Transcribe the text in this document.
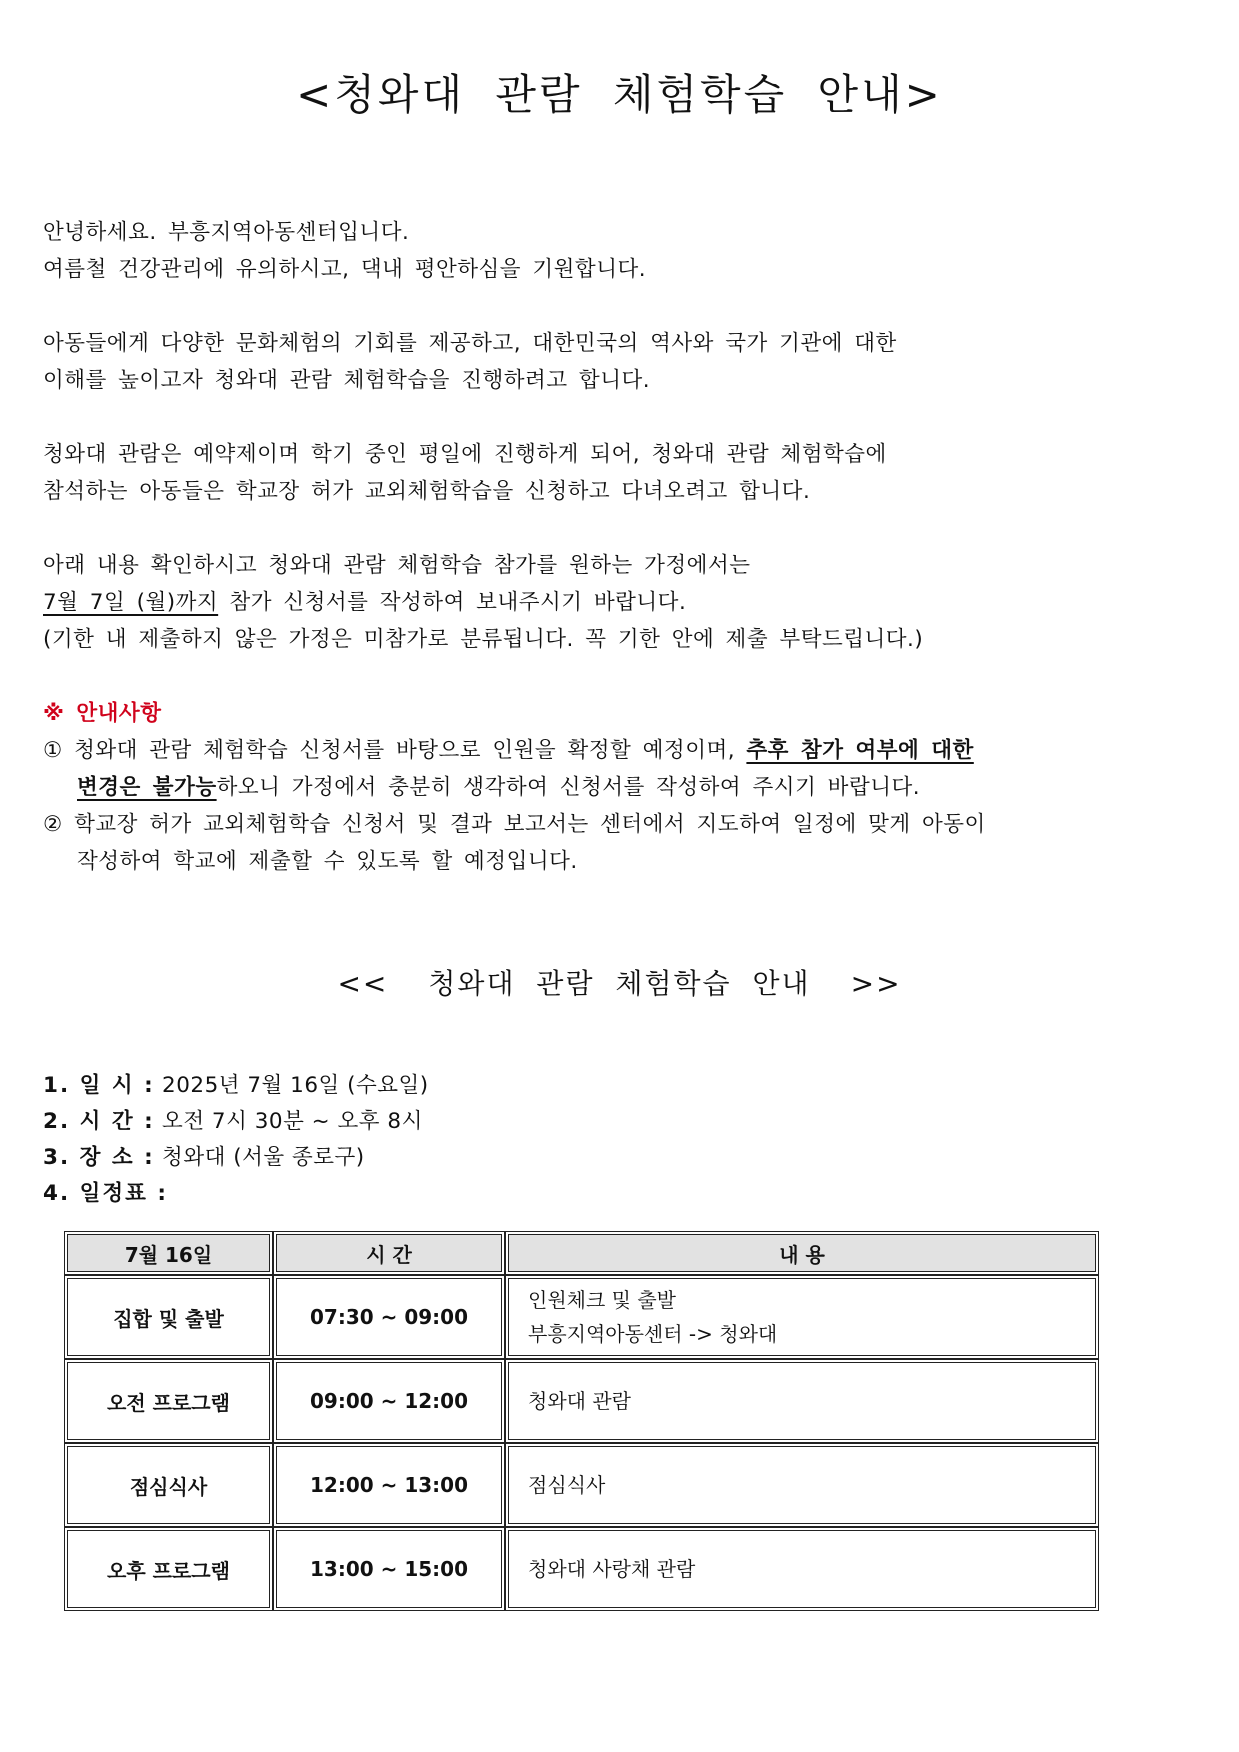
<청와대 관람 체험학습 안내>
안녕하세요. 부흥지역아동센터입니다.
여름철 건강관리에 유의하시고, 댁내 평안하심을 기원합니다.
아동들에게 다양한 문화체험의 기회를 제공하고, 대한민국의 역사와 국가 기관에 대한
이해를 높이고자 청와대 관람 체험학습을 진행하려고 합니다.
청와대 관람은 예약제이며 학기 중인 평일에 진행하게 되어, 청와대 관람 체험학습에
참석하는 아동들은 학교장 허가 교외체험학습을 신청하고 다녀오려고 합니다.
아래 내용 확인하시고 청와대 관람 체험학습 참가를 원하는 가정에서는
7월 7일 (월)까지 참가 신청서를 작성하여 보내주시기 바랍니다.
(기한 내 제출하지 않은 가정은 미참가로 분류됩니다. 꼭 기한 안에 제출 부탁드립니다.)
※ 안내사항
① 청와대 관람 체험학습 신청서를 바탕으로 인원을 확정할 예정이며, 추후 참가 여부에 대한
변경은 불가능하오니 가정에서 충분히 생각하여 신청서를 작성하여 주시기 바랍니다.
② 학교장 허가 교외체험학습 신청서 및 결과 보고서는 센터에서 지도하여 일정에 맞게 아동이
작성하여 학교에 제출할 수 있도록 할 예정입니다.
<< 청와대 관람 체험학습 안내 >>
1. 일 시 : 2025년 7월 16일 (수요일)
2. 시 간 : 오전 7시 30분 ~ 오후 8시
3. 장 소 : 청와대 (서울 종로구)
4. 일정표 :
7월 16일	시 간	내 용
집합 및 출발	07:30 ~ 09:00	인원체크 및 출발
부흥지역아동센터 -> 청와대

오전 프로그램	09:00 ~ 12:00	청와대 관람
점심식사	12:00 ~ 13:00	점심식사
오후 프로그램	13:00 ~ 15:00	청와대 사랑채 관람
